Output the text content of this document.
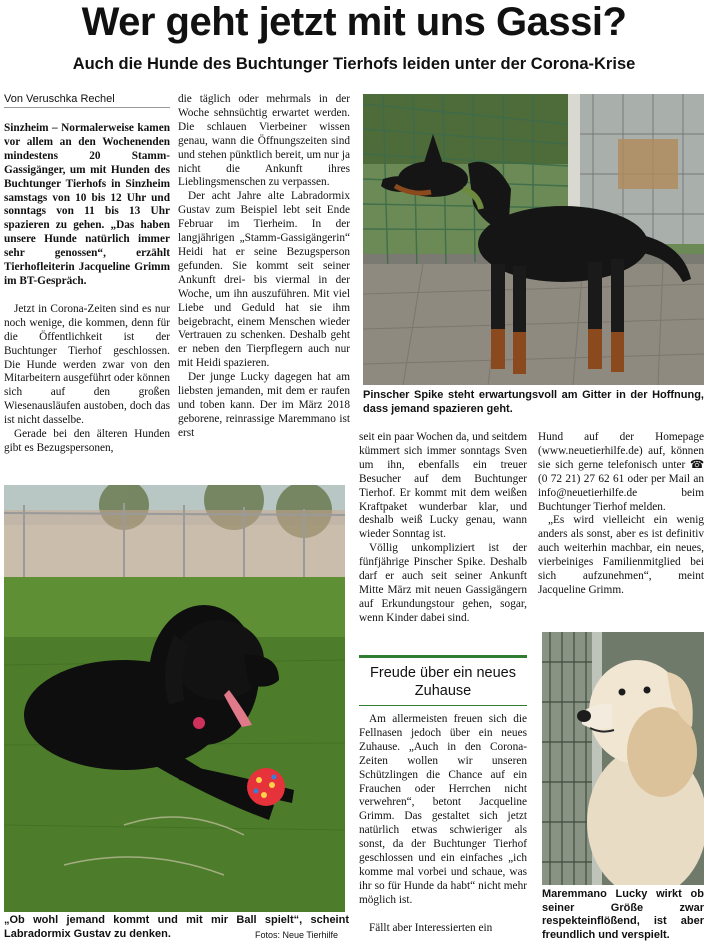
Wer geht jetzt mit uns Gassi?
Auch die Hunde des Buchtunger Tierhofs leiden unter der Corona-Krise
Von Veruschka Rechel

Sinzheim – Normalerweise kamen vor allem an den Wochenenden mindestens 20 Stamm-Gassigänger, um mit Hunden des Buchtunger Tierhofs in Sinzheim samstags von 10 bis 12 Uhr und sonntags von 11 bis 13 Uhr spazieren zu gehen. „Das haben unsere Hunde natürlich immer sehr genossen“, erzählt Tierhofleiterin Jacqueline Grimm im BT-Gespräch.

Jetzt in Corona-Zeiten sind es nur noch wenige, die kommen, denn für die Öffentlichkeit ist der Buchtunger Tierhof geschlossen. Die Hunde werden zwar von den Mitarbeitern ausgeführt oder können sich auf den großen Wiesenausläufen austoben, doch das ist nicht dasselbe.

Gerade bei den älteren Hunden gibt es Bezugspersonen,

die täglich oder mehrmals in der Woche sehnsüchtig erwartet werden. Die schlauen Vierbeiner wissen genau, wann die Öffnungszeiten sind und stehen pünktlich bereit, um nur ja nicht die Ankunft ihres Lieblingsmenschen zu verpassen.

Der acht Jahre alte Labradormix Gustav zum Beispiel lebt seit Ende Februar im Tierheim. In der langjährigen „Stamm-Gassigängerin“ Heidi hat er seine Bezugsperson gefunden. Sie kommt seit seiner Ankunft drei- bis viermal in der Woche, um ihn auszuführen. Mit viel Liebe und Geduld hat sie ihm beigebracht, einem Menschen wieder Vertrauen zu schenken. Deshalb geht er neben den Tierpflegern auch nur mit Heidi spazieren.

Der junge Lucky dagegen hat am liebsten jemanden, mit dem er raufen und toben kann. Der im März 2018 geborene, reinrassige Maremmano ist erst

Pinscher Spike steht erwartungsvoll am Gitter in der Hoffnung, dass jemand spazieren geht.
„Ob wohl jemand kommt und mit mir Ball spielt“, scheint Labradormix Gustav zu denken.	Fotos: Neue Tierhilfe

seit ein paar Wochen da, und seitdem kümmert sich immer sonntags Sven um ihn, ebenfalls ein treuer Besucher auf dem Buchtunger Tierhof. Er kommt mit dem weißen Kraftpaket wunderbar klar, und deshalb weiß Lucky genau, wann wieder Sonntag ist.

Völlig unkompliziert ist der fünfjährige Pinscher Spike. Deshalb darf er auch seit seiner Ankunft Mitte März mit neuen Gassigängern auf Erkundungstour gehen, sogar, wenn Kinder dabei sind.

Freude über ein neues Zuhause

Am allermeisten freuen sich die Fellnasen jedoch über ein neues Zuhause. „Auch in den Corona-Zeiten wollen wir unseren Schützlingen die Chance auf ein Frauchen oder Herrchen nicht verwehren“, betont Jacqueline Grimm. Das gestaltet sich jetzt natürlich etwas schwieriger als sonst, da der Buchtunger Tierhof geschlossen und ein einfaches „ich komme mal vorbei und schaue, was ihr so für Hunde da habt“ nicht mehr möglich ist.

Fällt aber Interessierten ein

Hund auf der Homepage (www.neuetierhilfe.de) auf, können sie sich gerne telefonisch unter ☎ (0 72 21) 27 62 61 oder per Mail an info@neuetierhilfe.de beim Buchtunger Tierhof melden.

„Es wird vielleicht ein wenig anders als sonst, aber es ist definitiv auch weiterhin machbar, ein neues, vierbeiniges Familienmitglied bei sich aufzunehmen“, meint Jacqueline Grimm.

Maremmano Lucky wirkt ob seiner Größe zwar respekteinflößend, ist aber freundlich und verspielt.
